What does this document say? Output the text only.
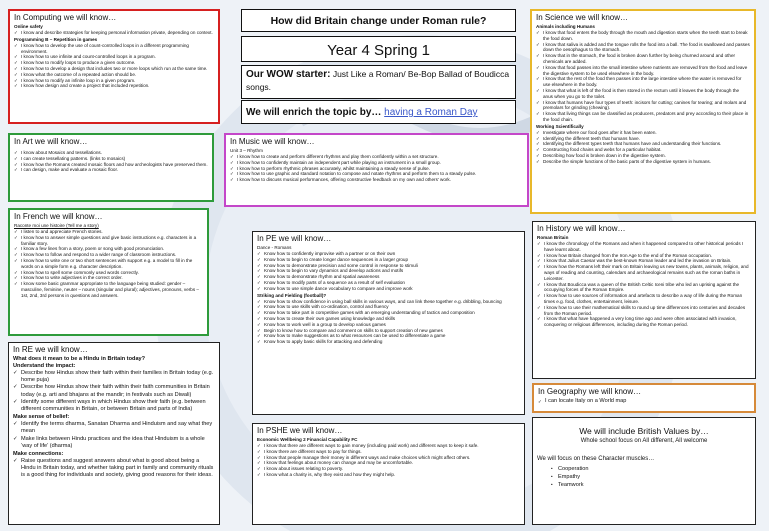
In Computing we will know…
Online safety
✓ I know and describe strategies for keeping personal information private, depending on context.
Programming B – Repetition in games
✓ I know how to develop the use of count-controlled loops in a different programming environment.
✓ I know how to use infinite and count-controlled loops in a program.
✓ I know how to modify loops to produce a given outcome.
✓ I know how to develop a design that includes two or more loops which run at the same time.
✓ I know what the outcome of a repeated action should be.
✓ I know how to modify an infinite loop in a given program.
✓ I know how design and create a project that included repetition.
In Art we will know…
✓ I know about Mosaics and tessellations.
✓ I can create tessellating patterns. (links to mosaics)
✓ I know how the Romans created mosaic floors and how archeologists have preserved them.
✓ I can design, make and evaluate a mosaic floor.
In French we will know…
Raconte moi une histoire (Tell me a story)
✓ I listen to and appreciate French stories.
✓ I know how to answer simple questions and give basic instructions e.g. characters in a familiar story.
✓ I know a few lines from a story, poem or song with good pronunciation.
✓ I know how to follow and respond to a wider range of classroom instructions.
✓ I know how to write one or two short sentences with support e.g. a model to fill in the words on a simple form e.g. character description.
✓ I know how to spell some commonly used words correctly.
✓ I know how to write adjectives in the correct order.
✓ I know some basic grammar appropriate to the language being studied: gender – masculine, feminine, neuter – nouns (singular and plural); adjectives, pronouns, verbs – 1st, 2nd, 3rd persons in questions and answers.
In RE we will know…
What does it mean to be a Hindu in Britain today?
Understand the impact:
✓ Describe how Hindus show their faith within their families in Britain today (e.g. home puja)
✓ Describe how Hindus show their faith within their faith communities in Britain today (e.g. arti and bhajans at the mandir; in festivals such as Diwali)
✓ Identify some different ways in which Hindus show their faith (e.g. between different communities in Britain, or between Britain and parts of India)
Make sense of belief:
✓ Identify the terms dharma, Sanatan Dharma and Hinduism and say what they mean
✓ Make links between Hindu practices and the idea that Hinduism is a whole ‘way of life’ (dharma)
Make connections:
✓ Raise questions and suggest answers about what is good about being a Hindu in Britain today, and whether taking part in family and community rituals is a good thing for individuals and society, giving good reasons for their ideas.
How did Britain change under Roman rule?
Year 4 Spring 1
Our WOW starter: Just Like a Roman/ Be-Bop Ballad of Boudicca songs.
We will enrich the topic by… having a Roman Day
In Music we will know…
Unit 3 – Rhythm
✓ I know how to create and perform different rhythms and play them confidently within a set structure.
✓ I know how to confidently maintain an independent part while playing an instrument in a small group.
✓ I know how to perform rhythmic phrases accurately, whilst maintaining a steady sense of pulse.
✓ I know how to use graphic and standard notation to compose and notate rhythms and perform them to a steady pulse.
✓ I know how to discuss musical performances, offering constructive feedback on my own and others' work.
In PE we will know…
Dance - Romans
✓ Know how to confidently improvise with a partner or on their own
✓ Know how to begin to create longer dance sequences in a larger group
✓ Know how to demonstrate precision and some control in response to stimuli
✓ Know how to begin to vary dynamics and develop actions and motifs
✓ Know how to demonstrate rhythm and spatial awareness
✓ Know how to modify parts of a sequence as a result of self evaluation
✓ Know how to use simple dance vocabulary to compare and improve work
Striking and Fielding (football)?
✓ Know how to show confidence in using ball skills in various ways, and can link these together e.g. dribbling, bouncing
✓ Know how to use skills with co-ordination, control and fluency
✓ Know how to take part in competitive games with an emerging understanding of tactics and composition
✓ Know how to create their own games using knowledge and skills
✓ Know how to work well in a group to develop various games
✓ Begin to know how to compare and comment on skills to support creation of new games
✓ Know how to make suggestions as to what resources can be used to differentiate a game
✓ Know how to apply basic skills for attacking and defending
In PSHE we will know…
Economic Wellbeing 2 Financial Capability FC
✓ I know that there are different ways to gain money (including paid work) and different ways to keep it safe.
✓ I know there are different ways to pay for things.
✓ I know that people manage their money in different ways and make choices which might affect others.
✓ I know that feelings about money can change and may be uncomfortable.
✓ I know about issues relating to poverty.
✓ I know what a charity is, why they exist and how they might help.
In Science we will know…
Animals including Humans
✓ I know that food enters the body through the mouth and digestion starts when the teeth start to break the food down.
✓ I know that saliva is added and the tongue rolls the food into a ball. The food is swallowed and passes down the oesophagus to the stomach.
✓ I know that in the stomach, the food is broken down further by being churned around and other chemicals are added.
✓ I know that food passes into the small intestine where nutrients are removed from the food and leave the digestive system to be used elsewhere in the body.
✓ I know that the rest of the food then passes into the large intestine where the water is removed for use elsewhere in the body.
✓ I know that what is left of the food is then stored in the rectum until it leaves the body through the anus when you go to the toilet.
✓ I know that humans have four types of teeth: incisors for cutting; canines for tearing; and molars and premolars for grinding (chewing).
✓ I know that living things can be classified as producers, predators and prey according to their place in the food chain.
Working Scientifically
✓ Investigate where our food goes after it has been eaten.
✓ Identifying the different teeth that humans have.
✓ Identifying the different types teeth that humans have and understanding their functions.
✓ Constructing food chains and webs for a particular habitat.
✓ Describing how food is broken down in the digestive system.
✓ Describe the simple functions of the basic parts of the digestive system in humans.
In History we will know…
Roman Britain
✓ I know the chronology of the Romans and when it happened compared to other historical periods I have learnt about.
✓ I know how Britain changed from the Iron Age to the end of the Roman occupation.
✓ I know that Julius Caesar was the best-known Roman leader and led the invasion on Britain.
✓ I know how the Romans left their mark on Britain leaving us new towns, plants, animals, religion, and ways of reading and counting, calendars and archaeological remains such as the roman baths in Leicester.
✓ I know that Boudicca was a queen of the British Celtic Iceni tribe who led an uprising against the occupying forces of the Roman Empire.
✓ I know how to use sources of information and artefacts to describe a way of life during the Roman times e.g. food, clothes, entertainment, leisure.
✓ I know how to use their mathematical skills to round up time differences into centuries and decades from the Roman period.
✓ I know that what have happened a very long time ago and were often associated with invasion, conquering or religious differences, including during the Roman period.
In Geography we will know…
✓ I can locate Italy on a World map
We will include British Values by…
Whole school focus on All different, All welcome
We will focus on these Character muscles…
• Cooperation
• Empathy
• Teamwork
